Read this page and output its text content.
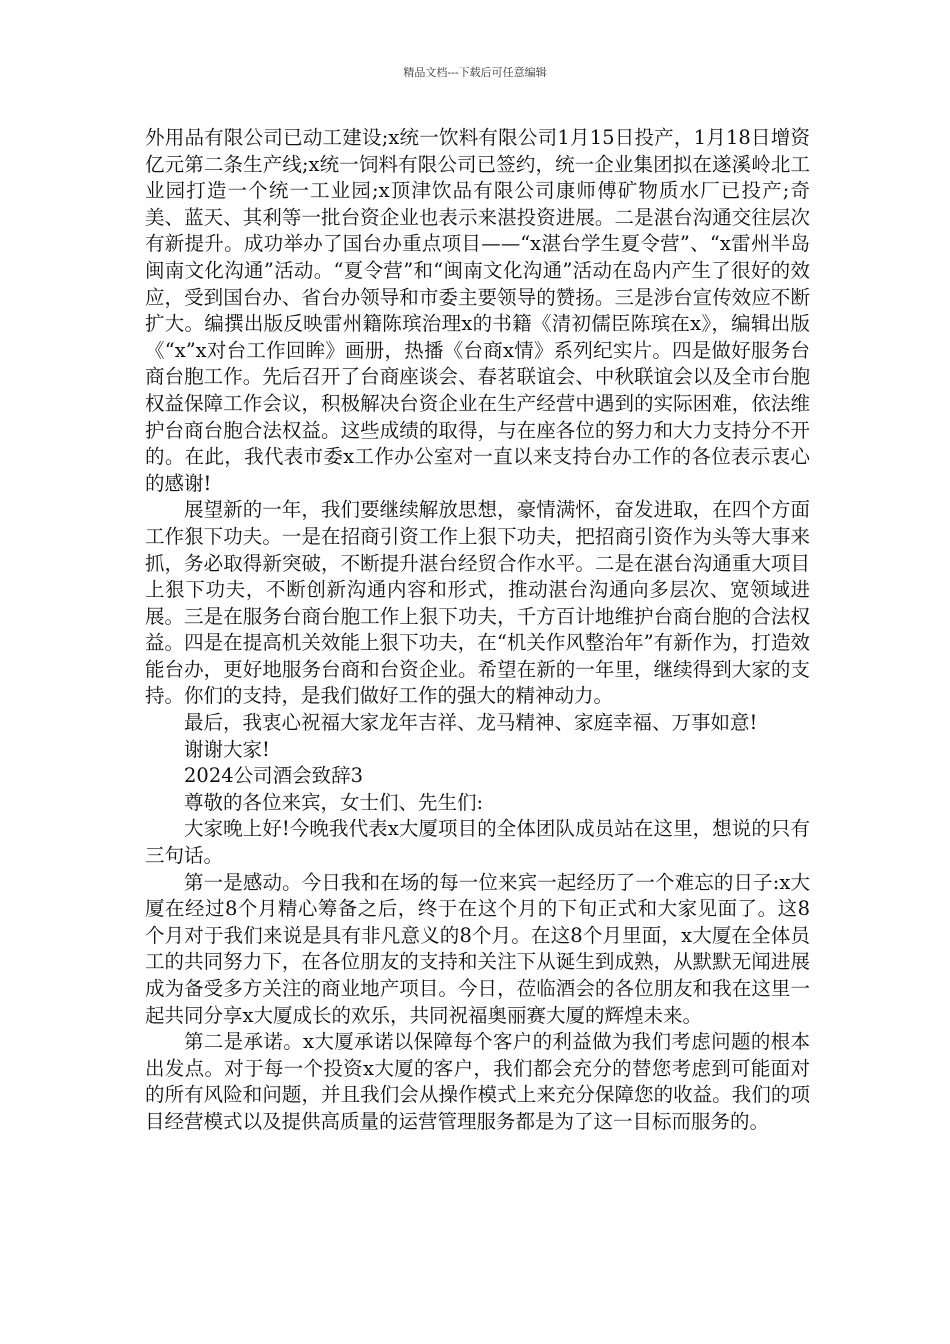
精品文档---下载后可任意编辑

外用品有限公司已动工建设;x统一饮料有限公司1月15日投产，1月18日增资亿元第二条生产线;x统一饲料有限公司已签约，统一企业集团拟在遂溪岭北工业园打造一个统一工业园;x顶津饮品有限公司康师傅矿物质水厂已投产;奇美、蓝天、其利等一批台资企业也表示来湛投资进展。二是湛台沟通交往层次有新提升。成功举办了国台办重点项目——“x湛台学生夏令营”、“x雷州半岛闽南文化沟通”活动。“夏令营”和“闽南文化沟通”活动在岛内产生了很好的效应，受到国台办、省台办领导和市委主要领导的赞扬。三是涉台宣传效应不断扩大。编撰出版反映雷州籍陈瑸治理x的书籍《清初儒臣陈瑸在x》，编辑出版《“x”x对台工作回眸》画册，热播《台商x情》系列纪实片。四是做好服务台商台胞工作。先后召开了台商座谈会、春茗联谊会、中秋联谊会以及全市台胞权益保障工作会议，积极解决台资企业在生产经营中遇到的实际困难，依法维护台商台胞合法权益。这些成绩的取得，与在座各位的努力和大力支持分不开的。在此，我代表市委x工作办公室对一直以来支持台办工作的各位表示衷心的感谢!

展望新的一年，我们要继续解放思想，豪情满怀，奋发进取，在四个方面工作狠下功夫。一是在招商引资工作上狠下功夫，把招商引资作为头等大事来抓，务必取得新突破，不断提升湛台经贸合作水平。二是在湛台沟通重大项目上狠下功夫，不断创新沟通内容和形式，推动湛台沟通向多层次、宽领域进展。三是在服务台商台胞工作上狠下功夫，千方百计地维护台商台胞的合法权益。四是在提高机关效能上狠下功夫，在“机关作风整治年”有新作为，打造效能台办，更好地服务台商和台资企业。希望在新的一年里，继续得到大家的支持。你们的支持，是我们做好工作的强大的精神动力。

最后，我衷心祝福大家龙年吉祥、龙马精神、家庭幸福、万事如意!

谢谢大家!

2024公司酒会致辞3

尊敬的各位来宾，女士们、先生们:

大家晚上好!今晚我代表x大厦项目的全体团队成员站在这里，想说的只有三句话。

第一是感动。今日我和在场的每一位来宾一起经历了一个难忘的日子:x大厦在经过8个月精心筹备之后，终于在这个月的下旬正式和大家见面了。这8个月对于我们来说是具有非凡意义的8个月。在这8个月里面，x大厦在全体员工的共同努力下，在各位朋友的支持和关注下从诞生到成熟，从默默无闻进展成为备受多方关注的商业地产项目。今日，莅临酒会的各位朋友和我在这里一起共同分享x大厦成长的欢乐，共同祝福奥丽赛大厦的辉煌未来。

第二是承诺。x大厦承诺以保障每个客户的利益做为我们考虑问题的根本出发点。对于每一个投资x大厦的客户，我们都会充分的替您考虑到可能面对的所有风险和问题，并且我们会从操作模式上来充分保障您的收益。我们的项目经营模式以及提供高质量的运营管理服务都是为了这一目标而服务的。
